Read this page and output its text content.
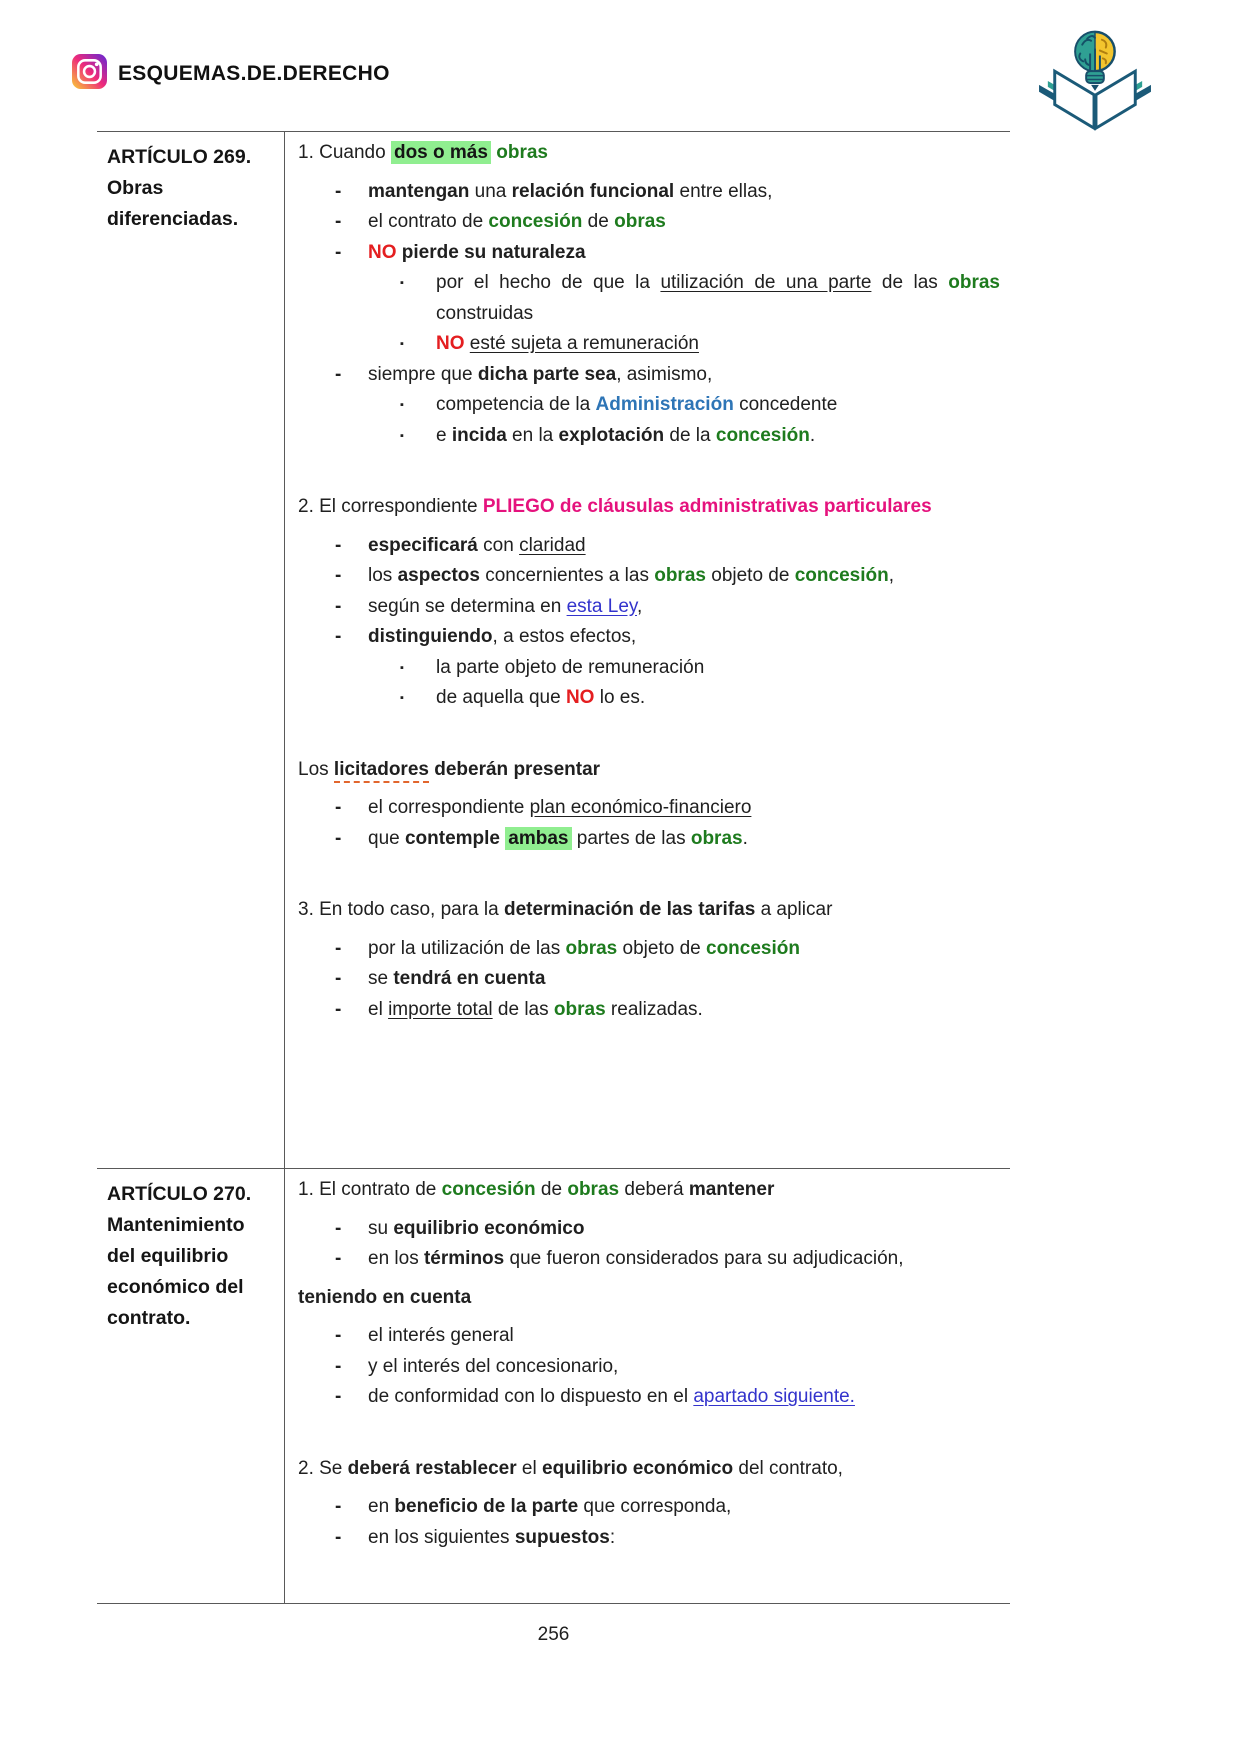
ESQUEMAS.DE.DERECHO
ARTÍCULO 269.
Obras
diferenciadas.
1. Cuando dos o más obras
- mantengan una relación funcional entre ellas,
- el contrato de concesión de obras
- NO pierde su naturaleza
▪ por el hecho de que la utilización de una parte de las obras construidas
▪ NO esté sujeta a remuneración
- siempre que dicha parte sea, asimismo,
▪ competencia de la Administración concedente
▪ e incida en la explotación de la concesión.
2. El correspondiente PLIEGO de cláusulas administrativas particulares
- especificará con claridad
- los aspectos concernientes a las obras objeto de concesión,
- según se determina en esta Ley,
- distinguiendo, a estos efectos,
▪ la parte objeto de remuneración
▪ de aquella que NO lo es.
Los licitadores deberán presentar
- el correspondiente plan económico-financiero
- que contemple ambas partes de las obras.
3. En todo caso, para la determinación de las tarifas a aplicar
- por la utilización de las obras objeto de concesión
- se tendrá en cuenta
- el importe total de las obras realizadas.
ARTÍCULO 270.
Mantenimiento
del equilibrio
económico del
contrato.
1. El contrato de concesión de obras deberá mantener
- su equilibrio económico
- en los términos que fueron considerados para su adjudicación,
teniendo en cuenta
- el interés general
- y el interés del concesionario,
- de conformidad con lo dispuesto en el apartado siguiente.
2. Se deberá restablecer el equilibrio económico del contrato,
- en beneficio de la parte que corresponda,
- en los siguientes supuestos:
256
